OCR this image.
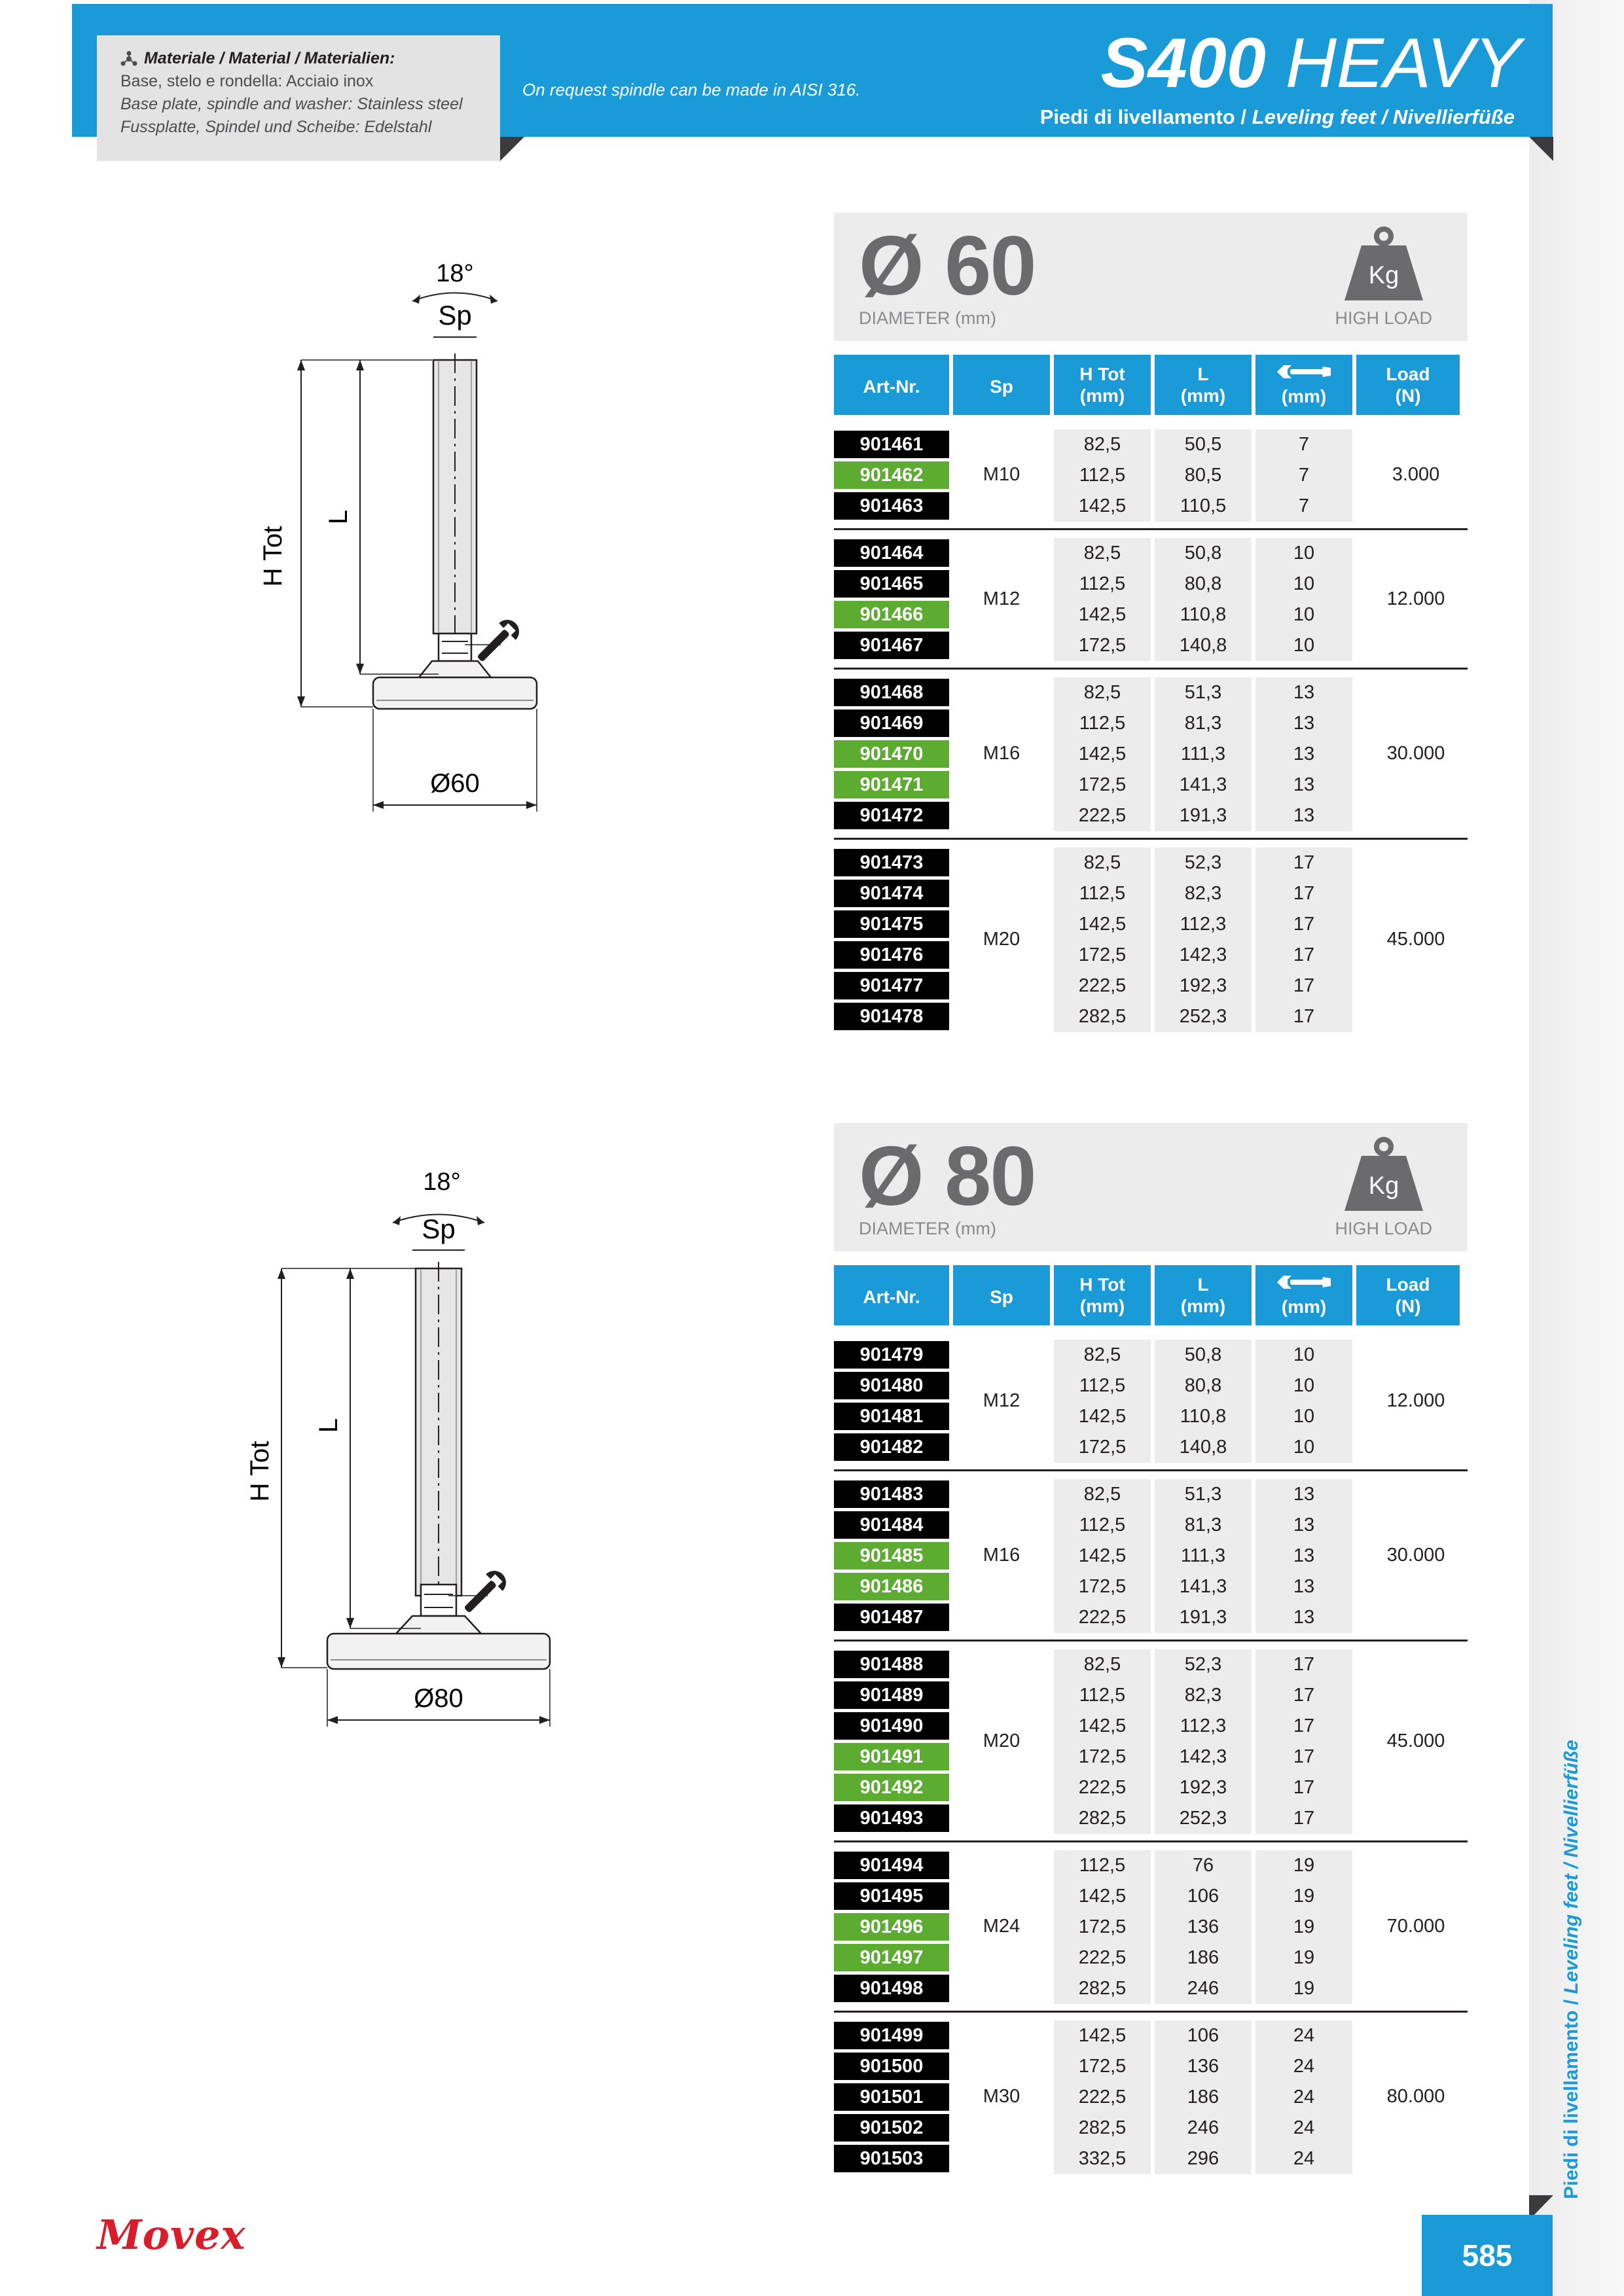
Piedi di livellamento / Leveling feet / Nivellierfüße
On request spindle can be made in AISI 316.	S400 HEAVY
Piedi di livellamento / Leveling feet / Nivellierfüße
Materiale / Material / Materialien:
Base, stelo e rondella: Acciaio inox
Base plate, spindle and washer: Stainless steel
Fussplatte, Spindel und Scheibe: Edelstahl
18°
Sp
H Tot
L
Ø60
18°
Sp
H Tot
L
Ø80
Ø 60
DIAMETER (mm)	HIGH LOAD
Kg
Art-Nr.	Sp
H Tot
(mm)
L
(mm)	(mm)
Load
(N)
901461	82,5	50,5	7
901462	112,5	80,5	7
901463	142,5	110,5	7
M10	3.000
901464	82,5	50,8	10
901465	112,5	80,8	10
901466	142,5	110,8	10
901467	172,5	140,8	10
M12	12.000
901468	82,5	51,3	13
901469	112,5	81,3	13
901470	142,5	111,3	13
901471	172,5	141,3	13
901472	222,5	191,3	13
M16	30.000
901473	82,5	52,3	17
901474	112,5	82,3	17
901475	142,5	112,3	17
901476	172,5	142,3	17
901477	222,5	192,3	17
901478	282,5	252,3	17
M20	45.000
Ø 80
DIAMETER (mm)	HIGH LOAD
Kg
Art-Nr.	Sp
H Tot
(mm)
L
(mm)	(mm)
Load
(N)
901479	82,5	50,8	10
901480	112,5	80,8	10
901481	142,5	110,8	10
901482	172,5	140,8	10
M12	12.000
901483	82,5	51,3	13
901484	112,5	81,3	13
901485	142,5	111,3	13
901486	172,5	141,3	13
901487	222,5	191,3	13
M16	30.000
901488	82,5	52,3	17
901489	112,5	82,3	17
901490	142,5	112,3	17
901491	172,5	142,3	17
901492	222,5	192,3	17
901493	282,5	252,3	17
M20	45.000
901494	112,5	76	19
901495	142,5	106	19
901496	172,5	136	19
901497	222,5	186	19
901498	282,5	246	19
M24	70.000
901499	142,5	106	24
901500	172,5	136	24
901501	222,5	186	24
901502	282,5	246	24
901503	332,5	296	24
M30	80.000
Movex	585
